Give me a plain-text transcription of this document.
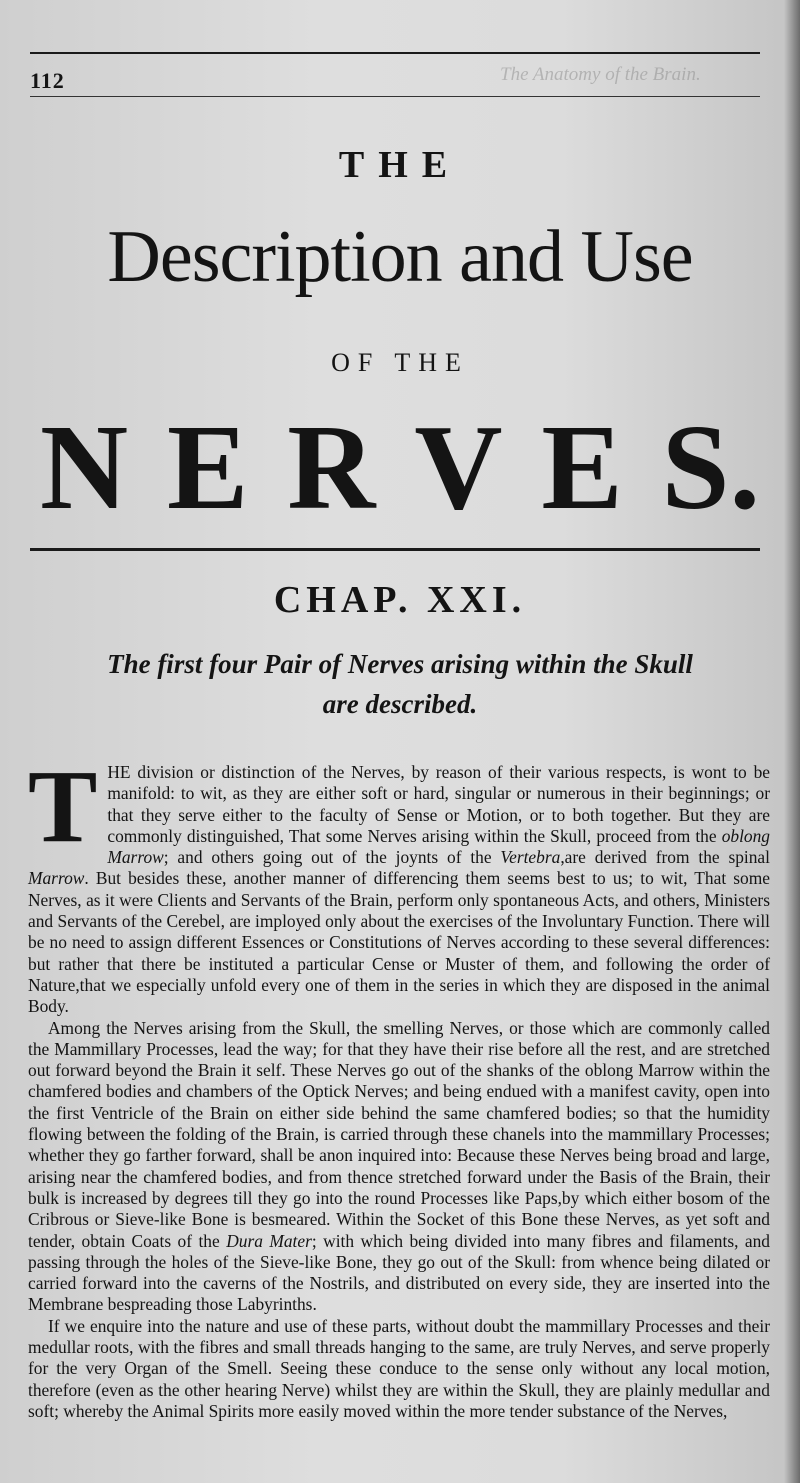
112	The Anatomy of the Brain.
THE
Description and Use
OF THE
N E R V E S.
CHAP. XXI.
The first four Pair of Nerves arising within the Skull are described.

THE division or distinction of the Nerves, by reason of their various respects, is wont to be manifold: to wit, as they are either soft or hard, singular or numerous in their beginnings; or that they serve either to the faculty of Sense or Motion, or to both together. But they are commonly distinguished, That some Nerves arising within the Skull, proceed from the oblong Marrow; and others going out of the joynts of the Vertebra,are derived from the spinal Marrow. But besides these, another manner of differencing them seems best to us; to wit, That some Nerves, as it were Clients and Servants of the Brain, perform only spontaneous Acts, and others, Ministers and Servants of the Cerebel, are imployed only about the exercises of the Involuntary Function. There will be no need to assign different Essences or Constitutions of Nerves according to these several differences: but rather that there be instituted a particular Cense or Muster of them, and following the order of Nature,that we especially unfold every one of them in the series in which they are disposed in the animal Body.

Among the Nerves arising from the Skull, the smelling Nerves, or those which are commonly called the Mammillary Processes, lead the way; for that they have their rise before all the rest, and are stretched out forward beyond the Brain it self. These Nerves go out of the shanks of the oblong Marrow within the chamfered bodies and chambers of the Optick Nerves; and being endued with a manifest cavity, open into the first Ventricle of the Brain on either side behind the same chamfered bodies; so that the humidity flowing between the folding of the Brain, is carried through these chanels into the mammillary Processes; whether they go farther forward, shall be anon inquired into: Because these Nerves being broad and large, arising near the chamfered bodies, and from thence stretched forward under the Basis of the Brain, their bulk is increased by degrees till they go into the round Processes like Paps,by which either bosom of the Cribrous or Sieve-like Bone is besmeared. Within the Socket of this Bone these Nerves, as yet soft and tender, obtain Coats of the Dura Mater; with which being divided into many fibres and filaments, and passing through the holes of the Sieve-like Bone, they go out of the Skull: from whence being dilated or carried forward into the caverns of the Nostrils, and distributed on every side, they are inserted into the Membrane bespreading those Labyrinths.

If we enquire into the nature and use of these parts, without doubt the mammillary Processes and their medullar roots, with the fibres and small threads hanging to the same, are truly Nerves, and serve properly for the very Organ of the Smell. Seeing these conduce to the sense only without any local motion, therefore (even as the other hearing Nerve) whilst they are within the Skull, they are plainly medullar and soft; whereby the Animal Spirits more easily moved within the more tender substance of the Nerves,
